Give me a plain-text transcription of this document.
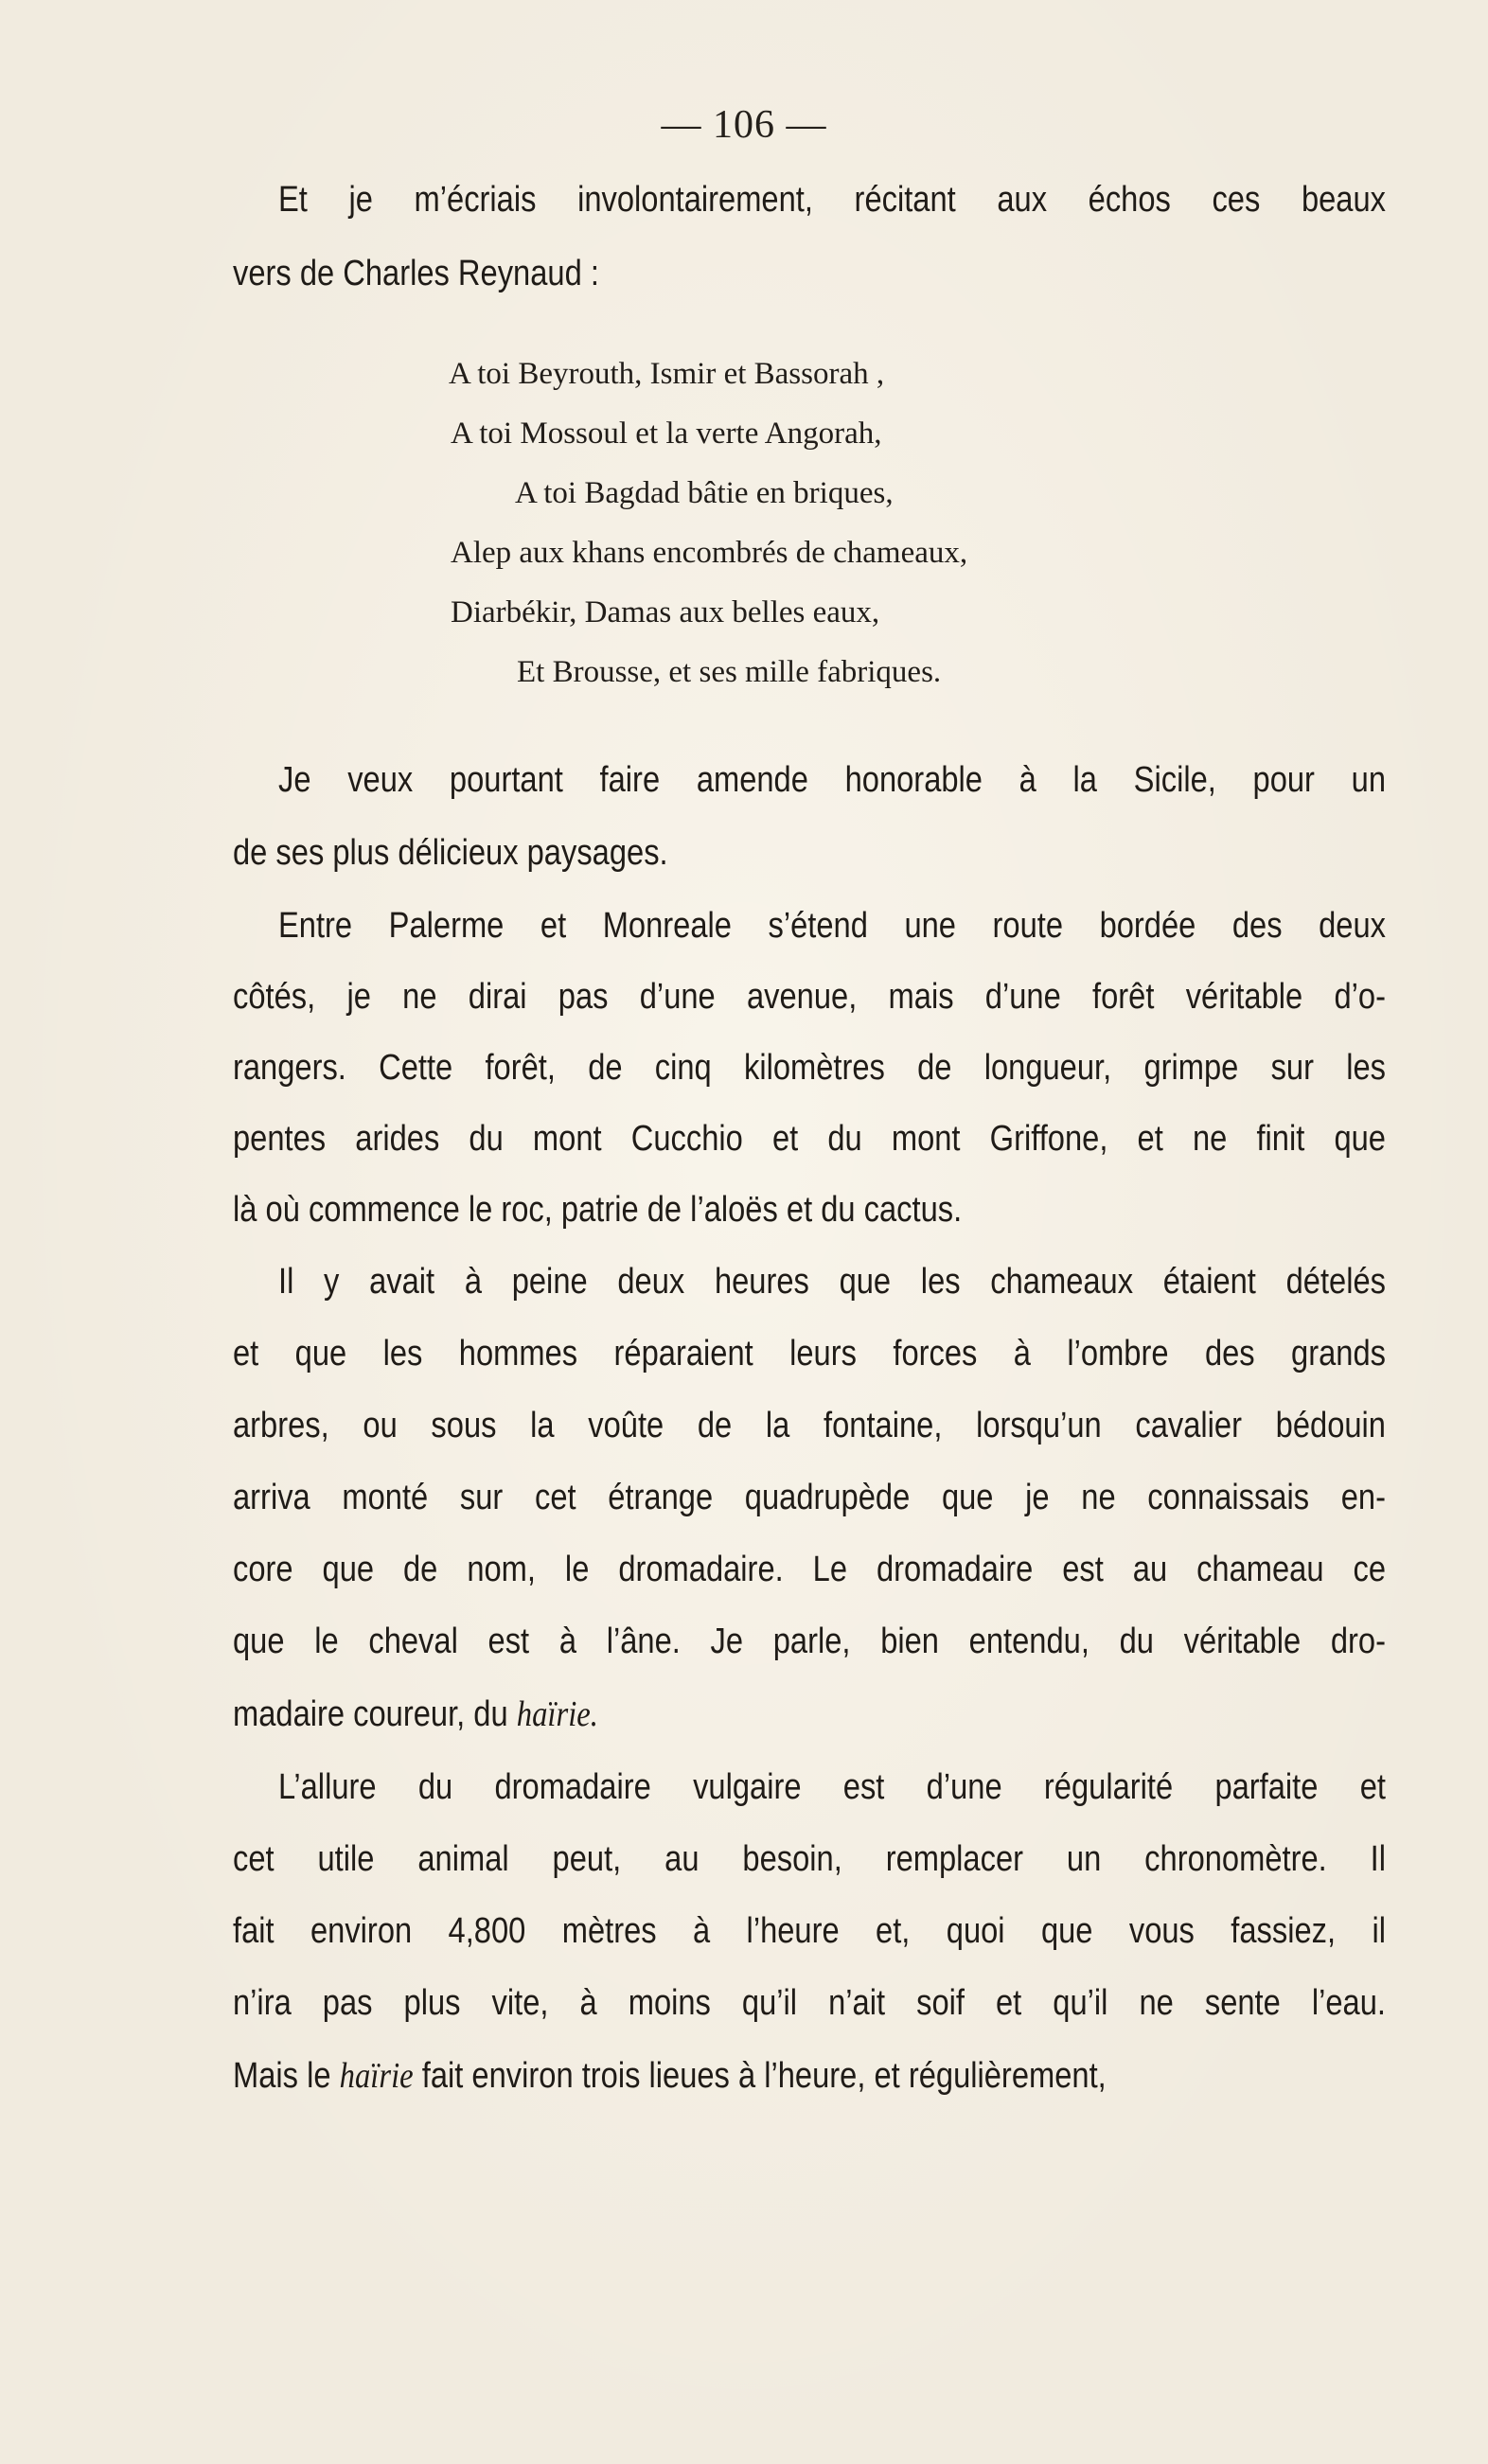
— 106 —
Et je m’écriais involontairement, récitant aux échos ces beaux
vers de Charles Reynaud :
A toi Beyrouth, Ismir et Bassorah ,
A toi Mossoul et la verte Angorah,
A toi Bagdad bâtie en briques,
Alep aux khans encombrés de chameaux,
Diarbékir, Damas aux belles eaux,
Et Brousse, et ses mille fabriques.
Je veux pourtant faire amende honorable à la Sicile, pour un
de ses plus délicieux paysages.
Entre Palerme et Monreale s’étend une route bordée des deux
côtés, je ne dirai pas d’une avenue, mais d’une forêt véritable d’o-
rangers. Cette forêt, de cinq kilomètres de longueur, grimpe sur les
pentes arides du mont Cucchio et du mont Griffone, et ne finit que
là où commence le roc, patrie de l’aloës et du cactus.
Il y avait à peine deux heures que les chameaux étaient dételés
et que les hommes réparaient leurs forces à l’ombre des grands
arbres, ou sous la voûte de la fontaine, lorsqu’un cavalier bédouin
arriva monté sur cet étrange quadrupède que je ne connaissais en-
core que de nom, le dromadaire. Le dromadaire est au chameau ce
que le cheval est à l’âne. Je parle, bien entendu, du véritable dro-
madaire coureur, du haïrie.
L’allure du dromadaire vulgaire est d’une régularité parfaite et
cet utile animal peut, au besoin, remplacer un chronomètre. Il
fait environ 4,800 mètres à l’heure et, quoi que vous fassiez, il
n’ira pas plus vite, à moins qu’il n’ait soif et qu’il ne sente l’eau.
Mais le haïrie fait environ trois lieues à l’heure, et régulièrement,
